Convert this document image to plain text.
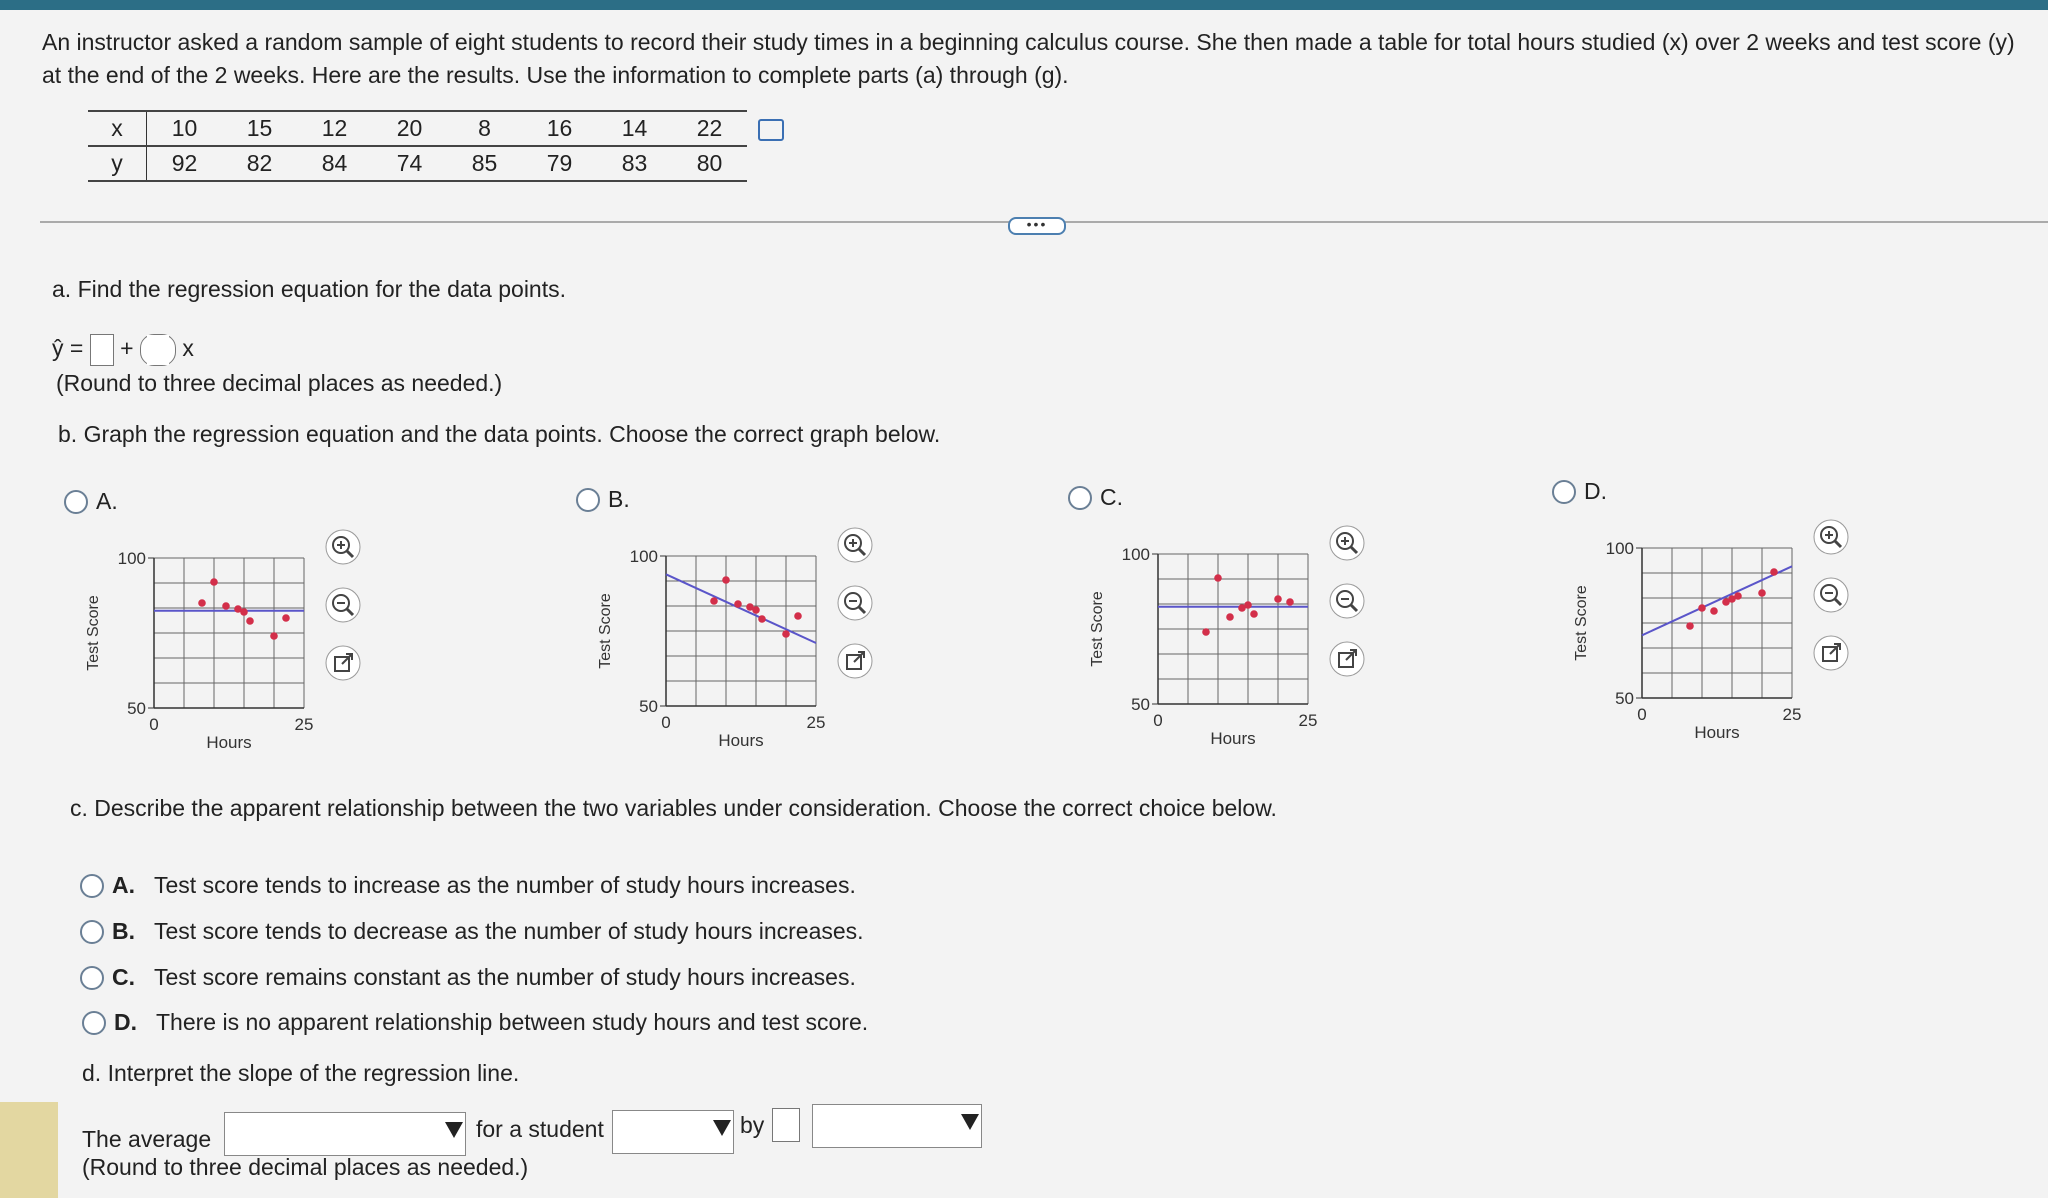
An instructor asked a random sample of eight students to record their study times in a beginning calculus course. She then made a table for total hours studied (x) over 2 weeks and test score (y) at the end of the 2 weeks. Here are the results. Use the information to complete parts (a) through (g).
x	10	15	12	20	8	16	14	22
y	92	82	84	74	85	79	83	80
•••
a. Find the regression equation for the data points.
ŷ = + x
(Round to three decimal places as needed.)
b. Graph the regression equation and the data points. Choose the correct graph below.
A.
100
50
0	25
Hours
Test Score
B.
100
50
0	25
Hours
Test Score
C.
100
50
0	25
Hours
Test Score
D.
100
50
0	25
Hours
Test Score
c. Describe the apparent relationship between the two variables under consideration. Choose the correct choice below.
A. Test score tends to increase as the number of study hours increases.
B. Test score tends to decrease as the number of study hours increases.
C. Test score remains constant as the number of study hours increases.
D. There is no apparent relationship between study hours and test score.
d. Interpret the slope of the regression line.
The average	for a student	by
(Round to three decimal places as needed.)
